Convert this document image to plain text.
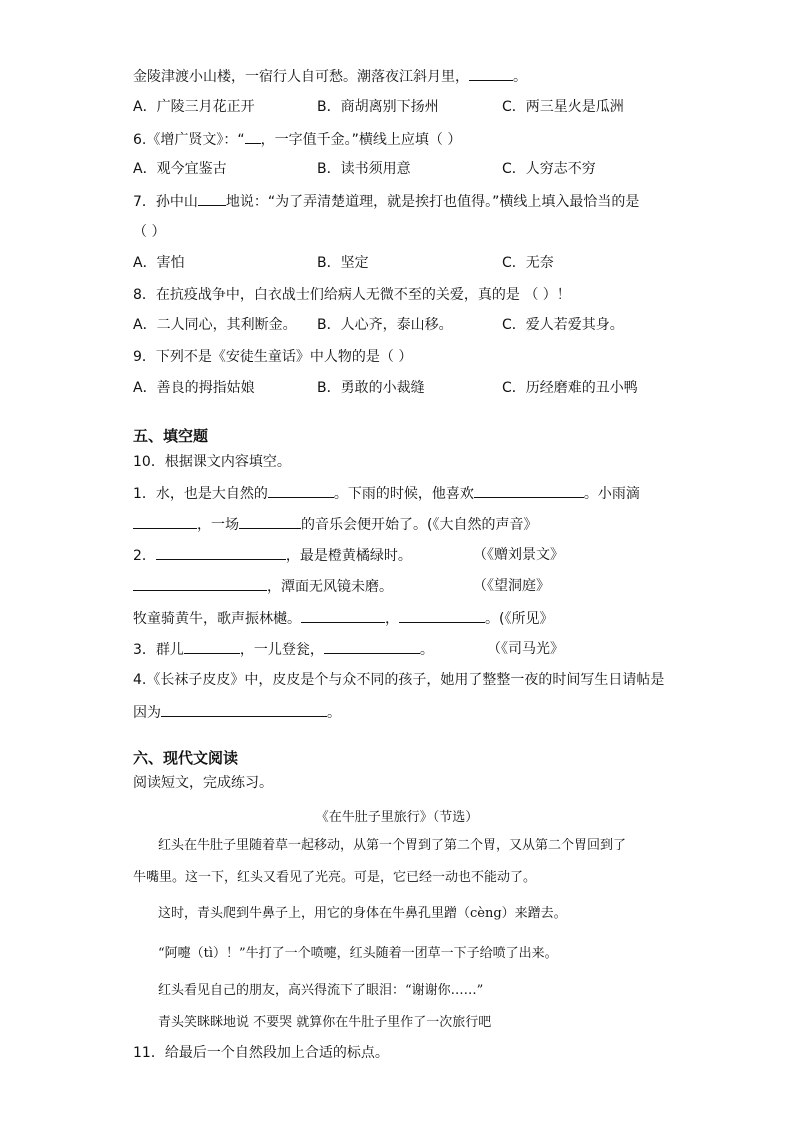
金陵津渡小山楼，一宿行人自可愁。潮落夜江斜月里，	。
A．广陵三月花正开	B．商胡离别下扬州	C．两三星火是瓜洲
6.《增广贤文》：“ ，一字值千金。”横线上应填（ ）
A．观今宜鉴古	B．读书须用意	C．人穷志不穷
7．孙中山 地说：“为了弄清楚道理，就是挨打也值得。”横线上填入最恰当的是
（ ）
A．害怕	B．坚定	C．无奈
8．在抗疫战争中，白衣战士们给病人无微不至的关爱，真的是 （ ）！
A．二人同心，其利断金。 B．人心齐，泰山移。	C．爱人若爱其身。
9．下列不是《安徒生童话》中人物的是（ ）
A．善良的拇指姑娘	B．勇敢的小裁缝	C．历经磨难的丑小鸭
五、填空题
10．根据课文内容填空。
1．水，也是大自然的	。下雨的时候，他喜欢	。小雨滴
，一场	的音乐会便开始了。(《大自然的声音》
2．	，最是橙黄橘绿时。	（《赠刘景文》
，潭面无风镜未磨。	（《望洞庭》
牧童骑黄牛，歌声振林樾。	，	。(《所见》
3．群儿	，一儿登瓮，	。	（《司马光》
4.《长袜子皮皮》中，皮皮是个与众不同的孩子，她用了整整一夜的时间写生日请帖是
因为	。
六、现代文阅读
阅读短文，完成练习。
《在牛肚子里旅行》（节选）
红头在牛肚子里随着草一起移动，从第一个胃到了第二个胃，又从第二个胃回到了
牛嘴里。这一下，红头又看见了光亮。可是，它已经一动也不能动了。
这时，青头爬到牛鼻子上，用它的身体在牛鼻孔里蹭（cèng）来蹭去。
“阿嚏（tì）！”牛打了一个喷嚏，红头随着一团草一下子给喷了出来。
红头看见自己的朋友，高兴得流下了眼泪：“谢谢你……”
青头笑眯眯地说 不要哭 就算你在牛肚子里作了一次旅行吧
11．给最后一个自然段加上合适的标点。
